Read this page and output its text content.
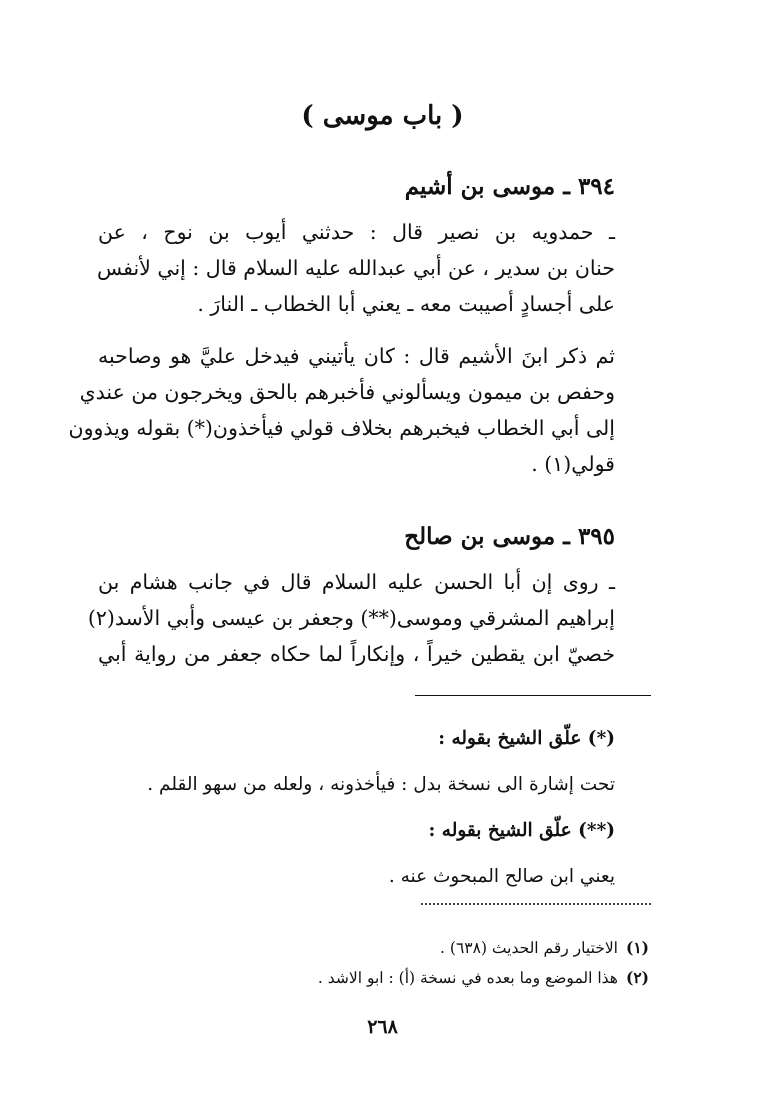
( باب موسى )
٣٩٤ ـ موسى بن أشيم
ـ حمدويه بن نصير قال : حدثني أيوب بن نوح ، عن
حنان بن سدير ، عن أبي عبدالله عليه السلام قال : إني لأنفس
على أجسادٍ أصيبت معه ـ يعني أبا الخطاب ـ النارَ .
ثم ذكر ابنَ الأشيم قال : كان يأتيني فيدخل عليَّ هو وصاحبه
وحفص بن ميمون ويسألوني فأخبرهم بالحق ويخرجون من عندي
إلى أبي الخطاب فيخبرهم بخلاف قولي فيأخذون(*) بقوله ويذوون
قولي(١) .
٣٩٥ ـ موسى بن صالح
ـ روى إن أبا الحسن عليه السلام قال في جانب هشام بن
إبراهيم المشرقي وموسى(**) وجعفر بن عيسى وأبي الأسد(٢)
خصيّ ابن يقطين خيراً ، وإنكاراً لما حكاه جعفر من رواية أبي
(*) علّق الشيخ بقوله :
تحت إشارة الى نسخة بدل : فيأخذونه ، ولعله من سهو القلم .
(**) علّق الشيخ بقوله :
يعني ابن صالح المبحوث عنه .
(١)الاختيار رقم الحديث (٦٣٨) .
(٢)هذا الموضع وما بعده في نسخة (أ) : ابو الاشد .
٢٦٨
